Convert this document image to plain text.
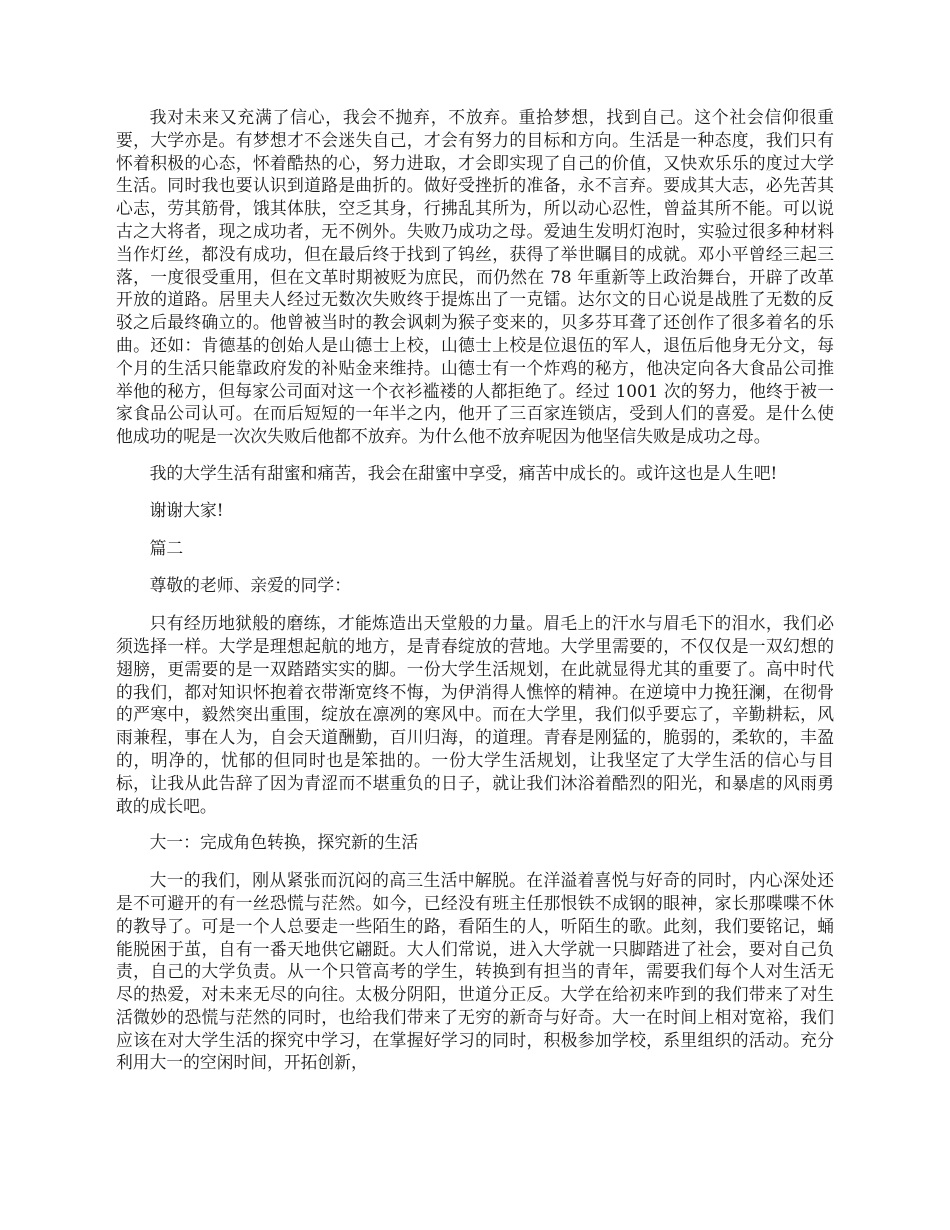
我对未来又充满了信心，我会不抛弃，不放弃。重拾梦想，找到自己。这个社会信仰很重要，大学亦是。有梦想才不会迷失自己，才会有努力的目标和方向。生活是一种态度，我们只有怀着积极的心态，怀着酷热的心，努力进取，才会即实现了自己的价值，又快欢乐乐的度过大学生活。同时我也要认识到道路是曲折的。做好受挫折的准备，永不言弃。要成其大志，必先苦其心志，劳其筋骨，饿其体肤，空乏其身，行拂乱其所为，所以动心忍性，曾益其所不能。可以说古之大将者，现之成功者，无不例外。失败乃成功之母。爱迪生发明灯泡时，实验过很多种材料当作灯丝，都没有成功，但在最后终于找到了钨丝，获得了举世瞩目的成就。邓小平曾经三起三落，一度很受重用，但在文革时期被贬为庶民，而仍然在 78 年重新等上政治舞台，开辟了改革开放的道路。居里夫人经过无数次失败终于提炼出了一克镭。达尔文的日心说是战胜了无数的反驳之后最终确立的。他曾被当时的教会讽刺为猴子变来的，贝多芬耳聋了还创作了很多着名的乐曲。还如：肯德基的创始人是山德士上校，山德士上校是位退伍的军人，退伍后他身无分文，每个月的生活只能靠政府发的补贴金来维持。山德士有一个炸鸡的秘方，他决定向各大食品公司推举他的秘方，但每家公司面对这一个衣衫褴褛的人都拒绝了。经过 1001 次的努力，他终于被一家食品公司认可。在而后短短的一年半之内，他开了三百家连锁店，受到人们的喜爱。是什么使他成功的呢是一次次失败后他都不放弃。为什么他不放弃呢因为他坚信失败是成功之母。

我的大学生活有甜蜜和痛苦，我会在甜蜜中享受，痛苦中成长的。或许这也是人生吧!

谢谢大家!

篇二

尊敬的老师、亲爱的同学：

只有经历地狱般的磨练，才能炼造出天堂般的力量。眉毛上的汗水与眉毛下的泪水，我们必须选择一样。大学是理想起航的地方，是青春绽放的营地。大学里需要的，不仅仅是一双幻想的翅膀，更需要的是一双踏踏实实的脚。一份大学生活规划，在此就显得尤其的重要了。高中时代的我们，都对知识怀抱着衣带渐宽终不悔，为伊消得人憔悴的精神。在逆境中力挽狂澜，在彻骨的严寒中，毅然突出重围，绽放在凛冽的寒风中。而在大学里，我们似乎要忘了，辛勤耕耘，风雨兼程，事在人为，自会天道酬勤，百川归海，的道理。青春是刚猛的，脆弱的，柔软的，丰盈的，明净的，忧郁的但同时也是笨拙的。一份大学生活规划，让我坚定了大学生活的信心与目标，让我从此告辞了因为青涩而不堪重负的日子，就让我们沐浴着酷烈的阳光，和暴虐的风雨勇敢的成长吧。

大一：完成角色转换，探究新的生活

大一的我们，刚从紧张而沉闷的高三生活中解脱。在洋溢着喜悦与好奇的同时，内心深处还是不可避开的有一丝恐慌与茫然。如今，已经没有班主任那恨铁不成钢的眼神，家长那喋喋不休的教导了。可是一个人总要走一些陌生的路，看陌生的人，听陌生的歌。此刻，我们要铭记，蛹能脱困于茧，自有一番天地供它翩跹。大人们常说，进入大学就一只脚踏进了社会，要对自己负责，自己的大学负责。从一个只管高考的学生，转换到有担当的青年，需要我们每个人对生活无尽的热爱，对未来无尽的向往。太极分阴阳，世道分正反。大学在给初来咋到的我们带来了对生活微妙的恐慌与茫然的同时，也给我们带来了无穷的新奇与好奇。大一在时间上相对宽裕，我们应该在对大学生活的探究中学习，在掌握好学习的同时，积极参加学校，系里组织的活动。充分利用大一的空闲时间，开拓创新，
